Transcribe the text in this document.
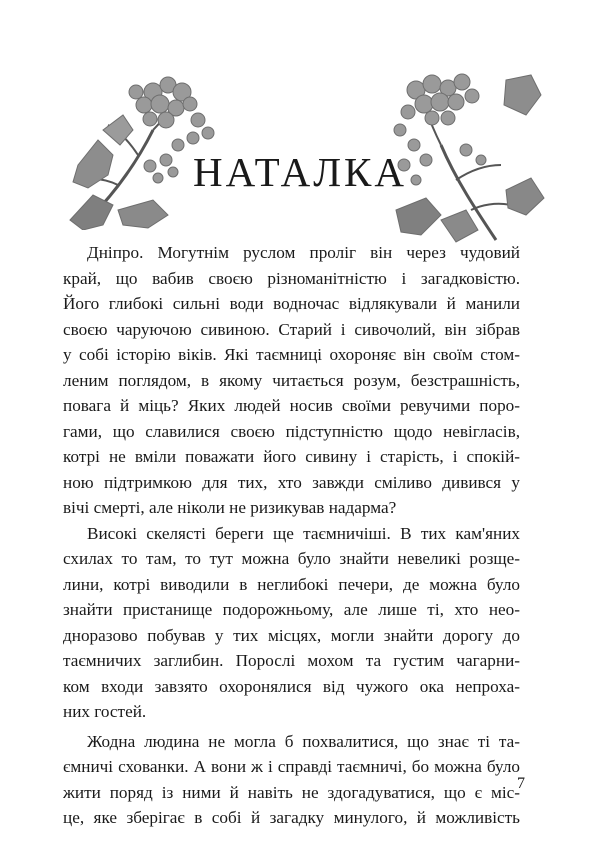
НАТАЛКА
Дніпро. Могутнім руслом пролiг він через чудовий
край, що вабив своєю різноманітністю і загадковістю.
Його глибокі сильні води водночас відлякували й манили
своєю чаруючою сивиною. Старий і сивочолий, він зібрав
у собі історію віків. Які таємниці охороняє він своїм стом-
леним поглядом, в якому читається розум, безстрашність,
повага й міць? Яких людей носив своїми ревучими поро-
гами, що славилися своєю підступністю щодо невігласів,
котрі не вміли поважати його сивину і старість, і спокій-
ною підтримкою для тих, хто завжди сміливо дивився у
вічі смерті, але ніколи не ризикував надарма?
Високі скелясті береги ще таємничіші. В тих кам'яних
схилах то там, то тут можна було знайти невеликі розще-
лини, котрі виводили в неглибокі печери, де можна було
знайти пристанище подорожньому, але лише ті, хто нео-
дноразово побував у тих місцях, могли знайти дорогу до
таємничих заглибин. Порослі мохом та густим чагарни-
ком входи завзято охоронялися від чужого ока непроха-
них гостей.
Жодна людина не могла б похвалитися, що знає ті та-
ємничі схованки. А вони ж і справді таємничі, бо можна було
жити поряд із ними й навіть не здогадуватися, що є міс-
це, яке зберігає в собі й загадку минулого, й можливість
7
